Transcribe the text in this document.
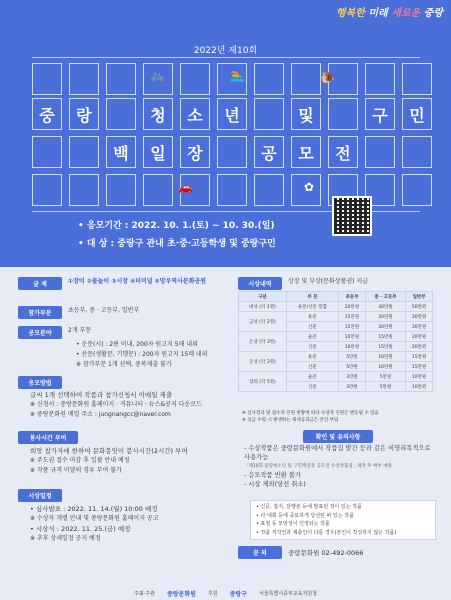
행복한 미래 새로운 중랑
2022년 제10회
🚲	🏊	🐌
중	랑	청	소	년	및	구	민
백	일	장	공	모	전
🚗	✿
• 응모기간 : 2022. 10. 1.(토) ~ 10. 30.(일)
• 대 상 : 중랑구 관내 초·중·고등학생 및 중랑구민
글 제	①장미 ②물놀이 ③시장 ④터미널 ⑤망우역사문화공원
참가부문	초등부, 중 · 고등부, 일반부
공모분야	2개 부문
• 운문(시) : 2편 이내, 200자 원고지 5매 내외
• 산문(생활문, 기행문) : 200자 원고지 15매 내외
※ 참가부문 1개 선택, 중복제출 불가
응모방법
글씨 1개 선택하여 작품과 참가신청서 이메일 제출
※ 신청서 : 중랑문화원 홈페이지 · 커뮤니티 · 뉴스&공지 다운로드
※ 중랑문화원 메일 주소 : jungnangcc@naver.com
봉사시간 부여
희망 참가자에 한하여 문화봉잇이 봉사시간(2시간) 부여
※ 주도권 접수 마감 후 일괄 안내 예정
※ 작품 규격 미달의 경우 부여 불가
시상일정
• 심사발표 : 2022. 11. 14.(월) 10:00 예정
※ 수상자 개별 안내 및 중랑문화원 홈페이지 공고
• 시상식 : 2022. 11. 25.(금) 예정
※ 추후 상세일정 공지 예정
시상내역	상장 및 부상(문화상품권) 지급
구분	부 문	초등부	중 · 고등부	일반부
대상 (각 1명)	운문/산문 통합	20만원	30만원	50만원
금상 (각 2명)	운문	15만원	20만원	30만원
	산문	15만원	20만원	30만원
은상 (각 3명)	운문	10만원	15만원	20만원
	산문	10만원	15만원	20만원
동상 (각 3명)	운문	5만원	10만원	15만원
	산문	5만원	10만원	15만원
장려 (각 5명)	운문	3만원	5만원	10만원
	산문	3만원	5만원	10만원
※ 심사결과 및 접수자 인원 현황에 따라 수상자 인원은 변동될 수 있음
※ 상금 수령 시 발생하는 제세공과금은 본인 부담
확인 및 유의사항
- 수상작품은 중랑문화원에서 작품집 발간 등과 같은 비영리목적으로 사용가능
「제10회 중랑청소년 및 구민백일장 공모전 수상작품집」제작 후 배부 예정
- 응모작품 반환 불가
- 시상 제외(당선 취소)
• 신문, 잡지, 단행본 등에 발표된 적이 있는 작품
• 타 대회 등에 중요하게 당선된 바 있는 작품
• 표절 등 모방성이 인정되는 작품
• 작품 저작인과 제출인이 다를 경우(본인이 작성하지 않은 작품)
문 의	중랑문화원 02-492-0066
주최·주관 중랑문화원 후원 중랑구 서울특별시중부교육지원청
